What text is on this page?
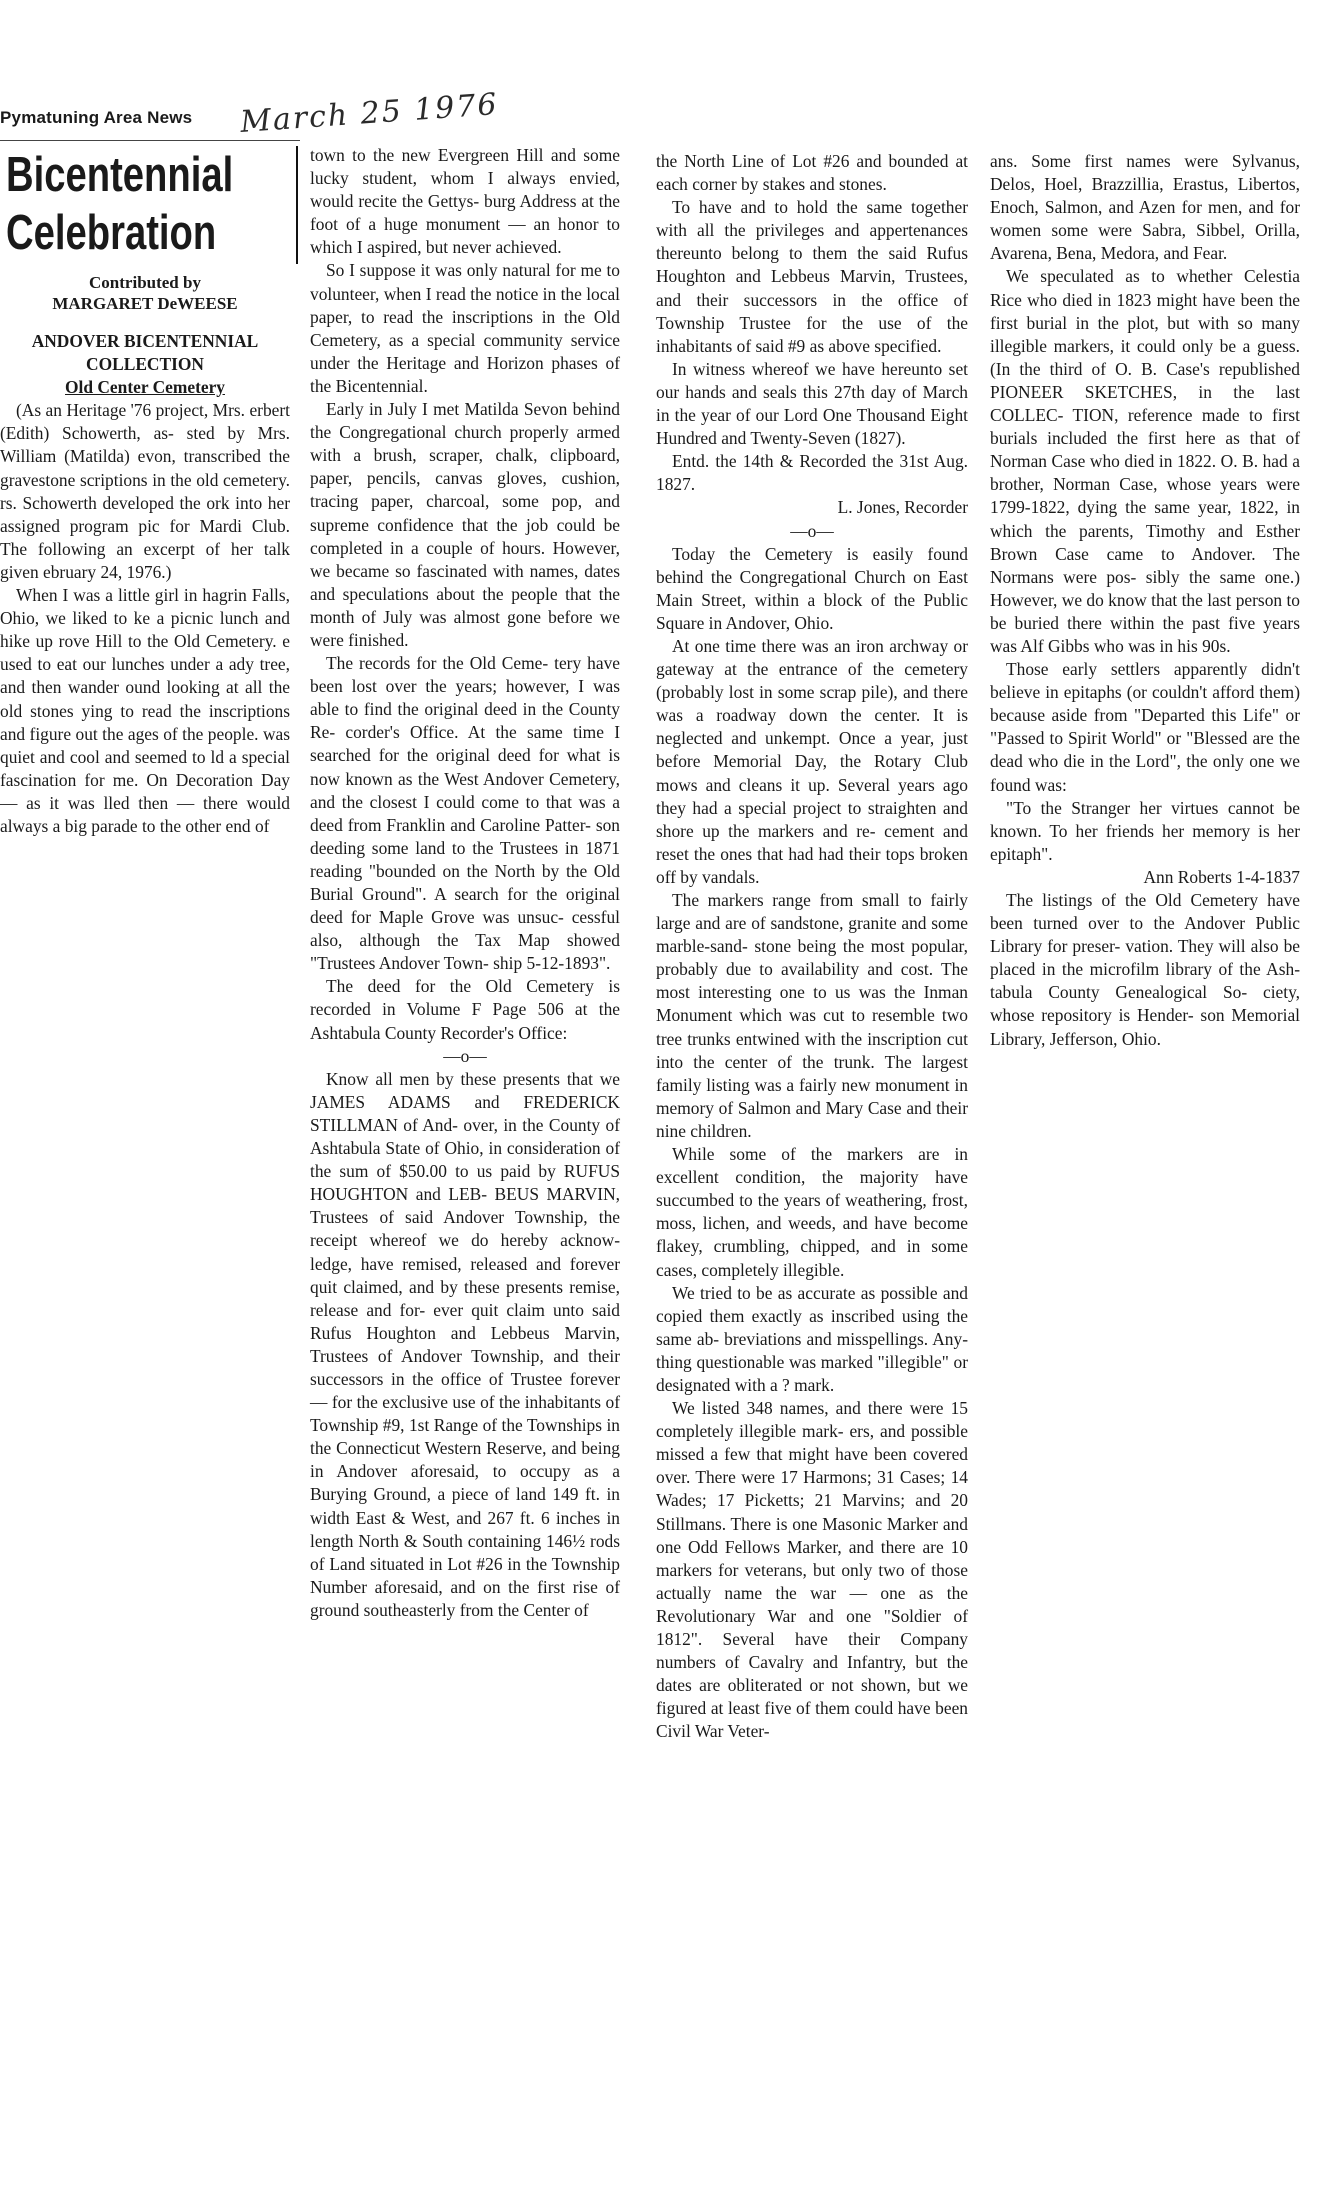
Pymatuning Area News March 25 1976
Bicentennial
Celebration
Contributed by
MARGARET DeWEESE

ANDOVER BICENTENNIAL

COLLECTION

Old Center Cemetery

(As an Heritage '76 project, Mrs. erbert (Edith) Schowerth, as- sted by Mrs. William (Matilda) evon, transcribed the gravestone scriptions in the old cemetery. rs. Schowerth developed the ork into her assigned program pic for Mardi Club. The following an excerpt of her talk given ebruary 24, 1976.)

When I was a little girl in hagrin Falls, Ohio, we liked to ke a picnic lunch and hike up rove Hill to the Old Cemetery. e used to eat our lunches under a ady tree, and then wander ound looking at all the old stones ying to read the inscriptions and figure out the ages of the people. was quiet and cool and seemed to ld a special fascination for me. On Decoration Day — as it was lled then — there would always a big parade to the other end of

town to the new Evergreen Hill and some lucky student, whom I always envied, would recite the Gettys- burg Address at the foot of a huge monument — an honor to which I aspired, but never achieved.

So I suppose it was only natural for me to volunteer, when I read the notice in the local paper, to read the inscriptions in the Old Cemetery, as a special community service under the Heritage and Horizon phases of the Bicentennial.

Early in July I met Matilda Sevon behind the Congregational church properly armed with a brush, scraper, chalk, clipboard, paper, pencils, canvas gloves, cushion, tracing paper, charcoal, some pop, and supreme confidence that the job could be completed in a couple of hours. However, we became so fascinated with names, dates and speculations about the people that the month of July was almost gone before we were finished.

The records for the Old Ceme- tery have been lost over the years; however, I was able to find the original deed in the County Re- corder's Office. At the same time I searched for the original deed for what is now known as the West Andover Cemetery, and the closest I could come to that was a deed from Franklin and Caroline Patter- son deeding some land to the Trustees in 1871 reading "bounded on the North by the Old Burial Ground". A search for the original deed for Maple Grove was unsuc- cessful also, although the Tax Map showed "Trustees Andover Town- ship 5-12-1893".

The deed for the Old Cemetery is recorded in Volume F Page 506 at the Ashtabula County Recorder's Office:

—o—

Know all men by these presents that we JAMES ADAMS and FREDERICK STILLMAN of And- over, in the County of Ashtabula State of Ohio, in consideration of the sum of $50.00 to us paid by RUFUS HOUGHTON and LEB- BEUS MARVIN, Trustees of said Andover Township, the receipt whereof we do hereby acknow- ledge, have remised, released and forever quit claimed, and by these presents remise, release and for- ever quit claim unto said Rufus Houghton and Lebbeus Marvin, Trustees of Andover Township, and their successors in the office of Trustee forever — for the exclusive use of the inhabitants of Township #9, 1st Range of the Townships in the Connecticut Western Reserve, and being in Andover aforesaid, to occupy as a Burying Ground, a piece of land 149 ft. in width East & West, and 267 ft. 6 inches in length North & South containing 146½ rods of Land situated in Lot #26 in the Township Number aforesaid, and on the first rise of ground southeasterly from the Center of

the North Line of Lot #26 and bounded at each corner by stakes and stones.

To have and to hold the same together with all the privileges and appertenances thereunto belong to them the said Rufus Houghton and Lebbeus Marvin, Trustees, and their successors in the office of Township Trustee for the use of the inhabitants of said #9 as above specified.

In witness whereof we have hereunto set our hands and seals this 27th day of March in the year of our Lord One Thousand Eight Hundred and Twenty-Seven (1827).

Entd. the 14th & Recorded the 31st Aug. 1827.

L. Jones, Recorder

—o—

Today the Cemetery is easily found behind the Congregational Church on East Main Street, within a block of the Public Square in Andover, Ohio.

At one time there was an iron archway or gateway at the entrance of the cemetery (probably lost in some scrap pile), and there was a roadway down the center. It is neglected and unkempt. Once a year, just before Memorial Day, the Rotary Club mows and cleans it up. Several years ago they had a special project to straighten and shore up the markers and re- cement and reset the ones that had had their tops broken off by vandals.

The markers range from small to fairly large and are of sandstone, granite and some marble-sand- stone being the most popular, probably due to availability and cost. The most interesting one to us was the Inman Monument which was cut to resemble two tree trunks entwined with the inscription cut into the center of the trunk. The largest family listing was a fairly new monument in memory of Salmon and Mary Case and their nine children.

While some of the markers are in excellent condition, the majority have succumbed to the years of weathering, frost, moss, lichen, and weeds, and have become flakey, crumbling, chipped, and in some cases, completely illegible.

We tried to be as accurate as possible and copied them exactly as inscribed using the same ab- breviations and misspellings. Any- thing questionable was marked "illegible" or designated with a ? mark.

We listed 348 names, and there were 15 completely illegible mark- ers, and possible missed a few that might have been covered over. There were 17 Harmons; 31 Cases; 14 Wades; 17 Picketts; 21 Marvins; and 20 Stillmans. There is one Masonic Marker and one Odd Fellows Marker, and there are 10 markers for veterans, but only two of those actually name the war — one as the Revolutionary War and one "Soldier of 1812". Several have their Company numbers of Cavalry and Infantry, but the dates are obliterated or not shown, but we figured at least five of them could have been Civil War Veter-

ans. Some first names were Sylvanus, Delos, Hoel, Brazzillia, Erastus, Libertos, Enoch, Salmon, and Azen for men, and for women some were Sabra, Sibbel, Orilla, Avarena, Bena, Medora, and Fear.

We speculated as to whether Celestia Rice who died in 1823 might have been the first burial in the plot, but with so many illegible markers, it could only be a guess. (In the third of O. B. Case's republished PIONEER SKETCHES, in the last COLLEC- TION, reference made to first burials included the first here as that of Norman Case who died in 1822. O. B. had a brother, Norman Case, whose years were 1799-1822, dying the same year, 1822, in which the parents, Timothy and Esther Brown Case came to Andover. The Normans were pos- sibly the same one.) However, we do know that the last person to be buried there within the past five years was Alf Gibbs who was in his 90s.

Those early settlers apparently didn't believe in epitaphs (or couldn't afford them) because aside from "Departed this Life" or "Passed to Spirit World" or "Blessed are the dead who die in the Lord", the only one we found was:

"To the Stranger her virtues cannot be known. To her friends her memory is her epitaph".

Ann Roberts 1-4-1837

The listings of the Old Cemetery have been turned over to the Andover Public Library for preser- vation. They will also be placed in the microfilm library of the Ash- tabula County Genealogical So- ciety, whose repository is Hender- son Memorial Library, Jefferson, Ohio.
